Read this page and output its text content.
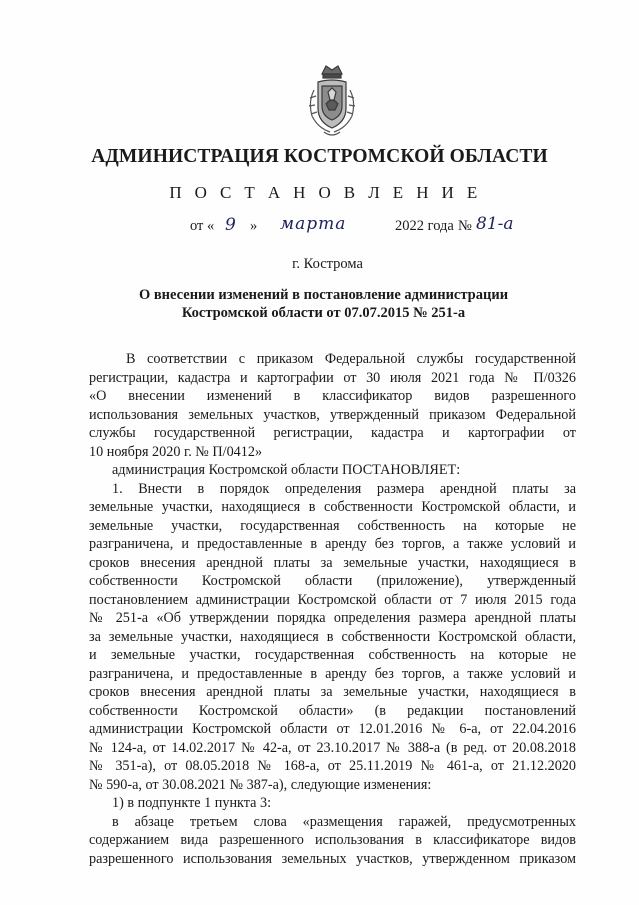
АДМИНИСТРАЦИЯ КОСТРОМСКОЙ ОБЛАСТИ
П О С Т А Н О В Л Е Н И Е
от « 9 » марта	2022 года № 81-а
г. Кострома
О внесении изменений в постановление администрации
Костромской области от 07.07.2015 № 251-а
В соответствии с приказом Федеральной службы государственной
регистрации, кадастра и картографии от 30 июля 2021 года № П/0326
«О внесении изменений в классификатор видов разрешенного
использования земельных участков, утвержденный приказом Федеральной
службы государственной регистрации, кадастра и картографии от
10 ноября 2020 г. № П/0412»
администрация Костромской области ПОСТАНОВЛЯЕТ:
1. Внести в порядок определения размера арендной платы за
земельные участки, находящиеся в собственности Костромской области, и
земельные участки, государственная собственность на которые не
разграничена, и предоставленные в аренду без торгов, а также условий и
сроков внесения арендной платы за земельные участки, находящиеся в
собственности Костромской области (приложение), утвержденный
постановлением администрации Костромской области от 7 июля 2015 года
№ 251-а «Об утверждении порядка определения размера арендной платы
за земельные участки, находящиеся в собственности Костромской области,
и земельные участки, государственная собственность на которые не
разграничена, и предоставленные в аренду без торгов, а также условий и
сроков внесения арендной платы за земельные участки, находящиеся в
собственности Костромской области» (в редакции постановлений
администрации Костромской области от 12.01.2016 № 6-а, от 22.04.2016
№ 124-а, от 14.02.2017 № 42-а, от 23.10.2017 № 388-а (в ред. от 20.08.2018
№ 351-а), от 08.05.2018 № 168-а, от 25.11.2019 № 461-а, от 21.12.2020
№ 590-а, от 30.08.2021 № 387-а), следующие изменения:
1) в подпункте 1 пункта 3:
в абзаце третьем слова «размещения гаражей, предусмотренных
содержанием вида разрешенного использования в классификаторе видов
разрешенного использования земельных участков, утвержденном приказом
